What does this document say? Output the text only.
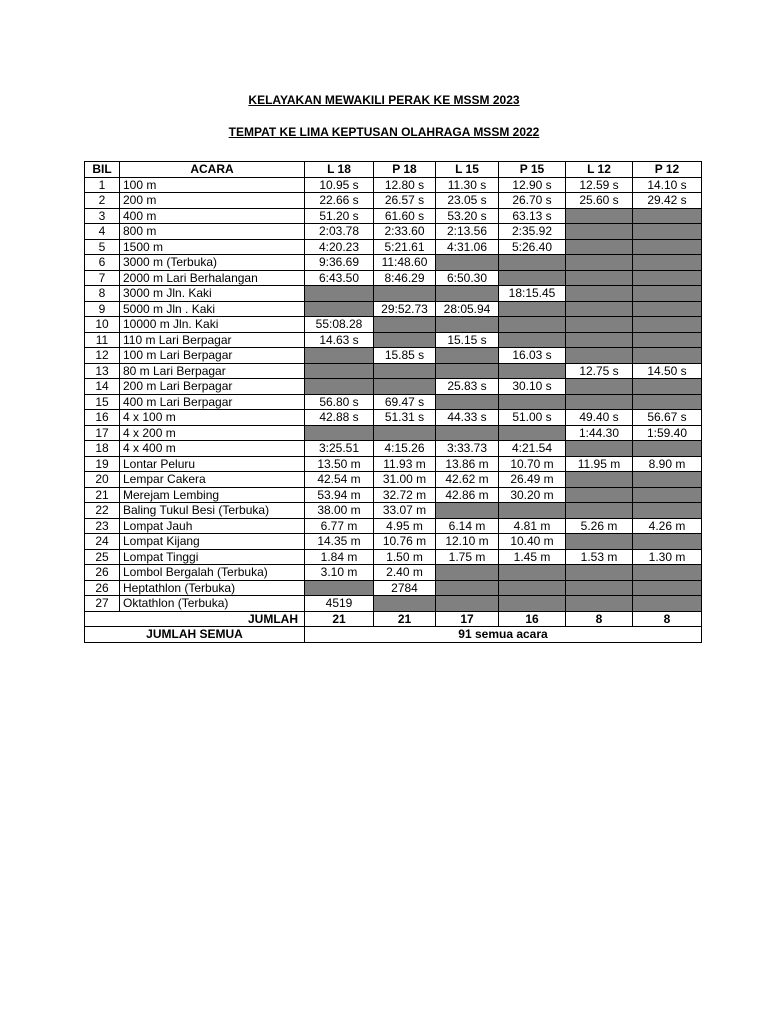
KELAYAKAN MEWAKILI PERAK KE MSSM 2023
TEMPAT KE LIMA KEPTUSAN OLAHRAGA MSSM 2022
BIL	ACARA	L 18	P 18	L 15	P 15	L 12	P 12
1	100 m	10.95 s	12.80 s	11.30 s	12.90 s	12.59 s	14.10 s
2	200 m	22.66 s	26.57 s	23.05 s	26.70 s	25.60 s	29.42 s
3	400 m	51.20 s	61.60 s	53.20 s	63.13 s		
4	800 m	2:03.78	2:33.60	2:13.56	2:35.92		
5	1500 m	4:20.23	5:21.61	4:31.06	5:26.40		
6	3000 m (Terbuka)	9:36.69	11:48.60				
7	2000 m Lari Berhalangan	6:43.50	8:46.29	6:50.30			
8	3000 m Jln. Kaki				18:15.45		
9	5000 m Jln . Kaki		29:52.73	28:05.94			
10	10000 m Jln. Kaki	55:08.28					
11	110 m Lari Berpagar	14.63 s		15.15 s			
12	100 m Lari Berpagar		15.85 s		16.03 s		
13	80 m Lari Berpagar					12.75 s	14.50 s
14	200 m Lari Berpagar			25.83 s	30.10 s		
15	400 m Lari Berpagar	56.80 s	69.47 s				
16	4 x 100 m	42.88 s	51.31 s	44.33 s	51.00 s	49.40 s	56.67 s
17	4 x 200 m					1:44.30	1:59.40
18	4 x 400 m	3:25.51	4:15.26	3:33.73	4:21.54		
19	Lontar Peluru	13.50 m	11.93 m	13.86 m	10.70 m	11.95 m	8.90 m
20	Lempar Cakera	42.54 m	31.00 m	42.62 m	26.49 m		
21	Merejam Lembing	53.94 m	32.72 m	42.86 m	30.20 m		
22	Baling Tukul Besi (Terbuka)	38.00 m	33.07 m				
23	Lompat Jauh	6.77 m	4.95 m	6.14 m	4.81 m	5.26 m	4.26 m
24	Lompat Kijang	14.35 m	10.76 m	12.10 m	10.40 m		
25	Lompat Tinggi	1.84 m	1.50 m	1.75 m	1.45 m	1.53 m	1.30 m
26	Lombol Bergalah (Terbuka)	3.10 m	2.40 m				
26	Heptathlon (Terbuka)		2784				
27	Oktathlon (Terbuka)	4519					
JUMLAH		21	21	17	16	8	8
JUMLAH SEMUA		91 semua acara					
